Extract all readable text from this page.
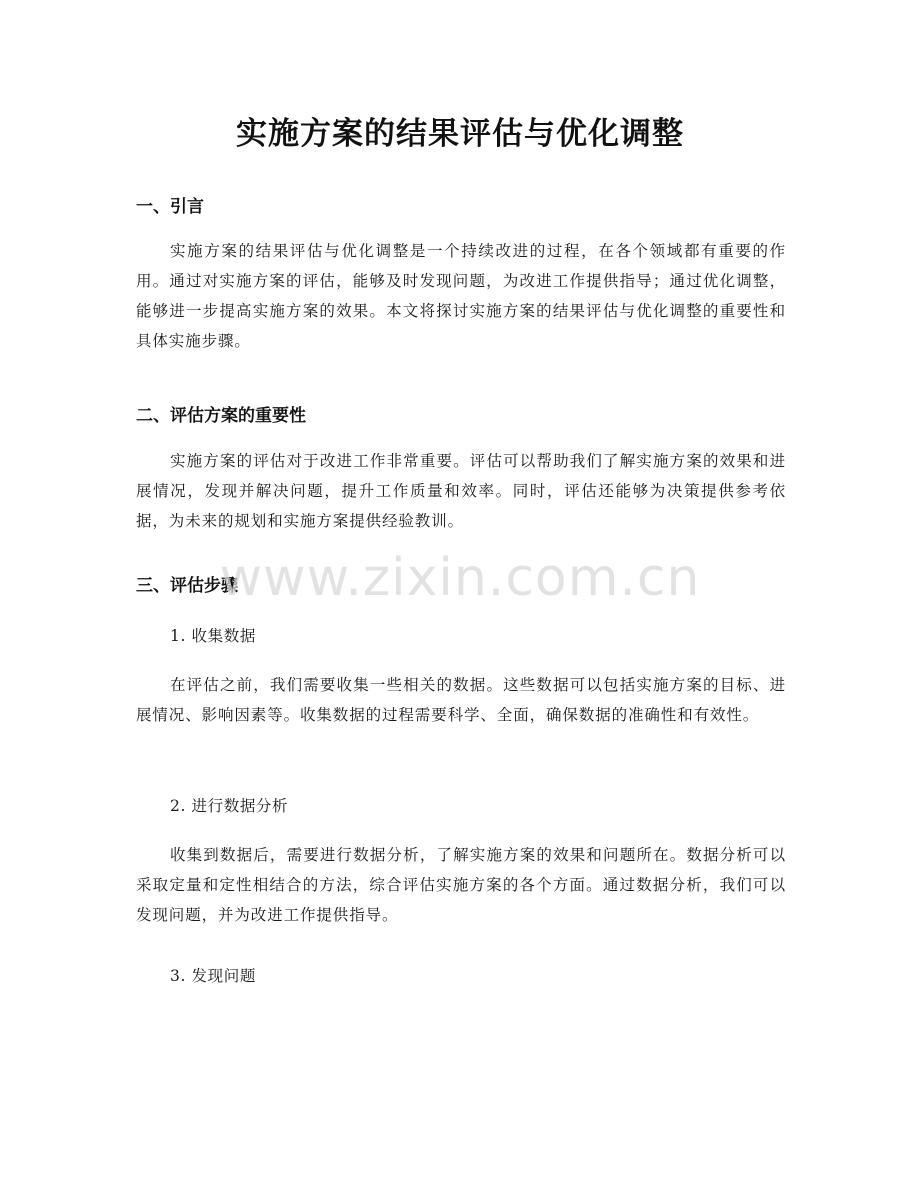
实施方案的结果评估与优化调整
一、引言

实施方案的结果评估与优化调整是一个持续改进的过程，在各个领域都有重要的作用。通过对实施方案的评估，能够及时发现问题，为改进工作提供指导；通过优化调整，能够进一步提高实施方案的效果。本文将探讨实施方案的结果评估与优化调整的重要性和具体实施步骤。

二、评估方案的重要性

实施方案的评估对于改进工作非常重要。评估可以帮助我们了解实施方案的效果和进展情况，发现并解决问题，提升工作质量和效率。同时，评估还能够为决策提供参考依据，为未来的规划和实施方案提供经验教训。

三、评估步骤

1. 收集数据

在评估之前，我们需要收集一些相关的数据。这些数据可以包括实施方案的目标、进展情况、影响因素等。收集数据的过程需要科学、全面，确保数据的准确性和有效性。

2. 进行数据分析

收集到数据后，需要进行数据分析，了解实施方案的效果和问题所在。数据分析可以采取定量和定性相结合的方法，综合评估实施方案的各个方面。通过数据分析，我们可以发现问题，并为改进工作提供指导。

3. 发现问题

www.zixin.com.cn
